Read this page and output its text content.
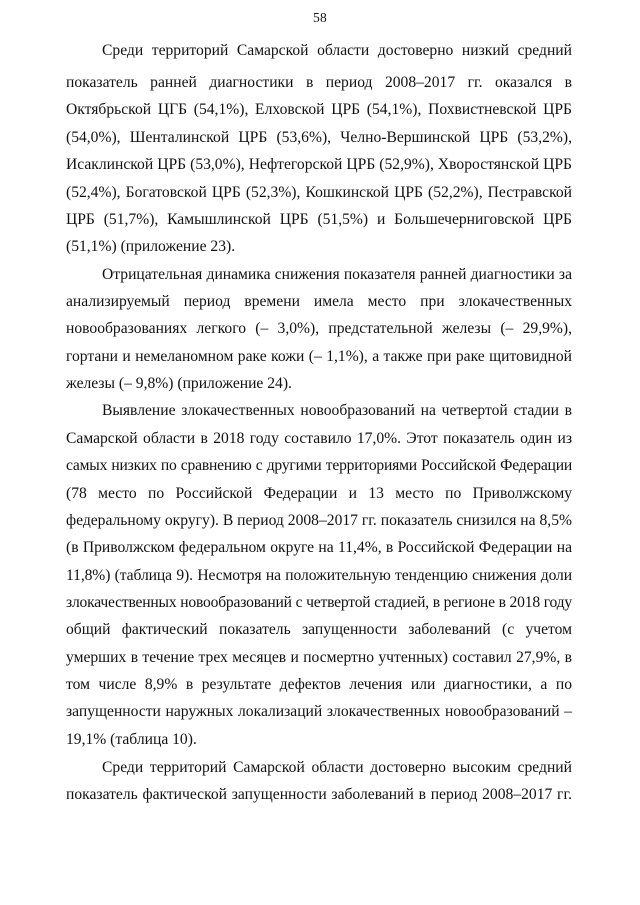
58
Среди территорий Самарской области достоверно низкий средний
показатель ранней диагностики в период 2008–2017 гг. оказался в
Октябрьской ЦГБ (54,1%), Елховской ЦРБ (54,1%), Похвистневской ЦРБ
(54,0%), Шенталинской ЦРБ (53,6%), Челно-Вершинской ЦРБ (53,2%),
Исаклинской ЦРБ (53,0%), Нефтегорской ЦРБ (52,9%), Хворостянской ЦРБ
(52,4%), Богатовской ЦРБ (52,3%), Кошкинской ЦРБ (52,2%), Пестравской
ЦРБ (51,7%), Камышлинской ЦРБ (51,5%) и Большечерниговской ЦРБ
(51,1%) (приложение 23).
Отрицательная динамика снижения показателя ранней диагностики за
анализируемый период времени имела место при злокачественных
новообразованиях легкого (– 3,0%), предстательной железы (– 29,9%),
гортани и немеланомном раке кожи (– 1,1%), а также при раке щитовидной
железы (– 9,8%) (приложение 24).
Выявление злокачественных новообразований на четвертой стадии в
Самарской области в 2018 году составило 17,0%. Этот показатель один из
самых низких по сравнению с другими территориями Российской Федерации
(78 место по Российской Федерации и 13 место по Приволжскому
федеральному округу). В период 2008–2017 гг. показатель снизился на 8,5%
(в Приволжском федеральном округе на 11,4%, в Российской Федерации на
11,8%) (таблица 9). Несмотря на положительную тенденцию снижения доли
злокачественных новообразований с четвертой стадией, в регионе в 2018 году
общий фактический показатель запущенности заболеваний (с учетом
умерших в течение трех месяцев и посмертно учтенных) составил 27,9%, в
том числе 8,9% в результате дефектов лечения или диагностики, а по
запущенности наружных локализаций злокачественных новообразований –
19,1% (таблица 10).
Среди территорий Самарской области достоверно высоким средний
показатель фактической запущенности заболеваний в период 2008–2017 гг.
